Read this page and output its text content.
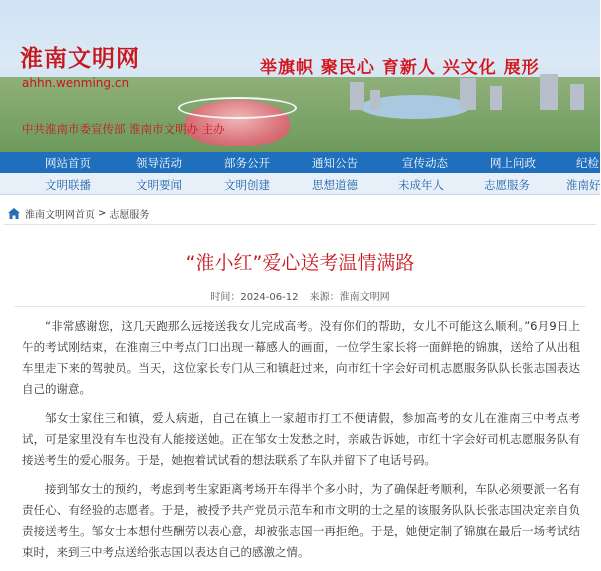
淮南文明网
ahhn.wenming.cn
中共淮南市委宣传部 淮南市文明办 主办
举旗帜 聚民心 育新人 兴文化 展形
网站首页	领导活动	部务公开	通知公告	宣传动态	网上问政	纪检
文明联播	文明要闻	文明创建	思想道德	未成年人	志愿服务	淮南好
淮南文明网首页 > 志愿服务
“淮小红”爱心送考温情满路
时间：2024-06-12 来源：淮南文明网

“非常感谢您，这几天跑那么远接送我女儿完成高考。没有你们的帮助，女儿不可能这么顺利。”6月9日上午的考试刚结束，在淮南三中考点门口出现一幕感人的画面，一位学生家长将一面鲜艳的锦旗，送给了从出租车里走下来的驾驶员。当天，这位家长专门从三和镇赶过来，向市红十字会好司机志愿服务队队长张志国表达自己的谢意。

邹女士家住三和镇，爱人病逝，自己在镇上一家超市打工不便请假，参加高考的女儿在淮南三中考点考试，可是家里没有车也没有人能接送她。正在邹女士发愁之时，亲戚告诉她，市红十字会好司机志愿服务队有接送考生的爱心服务。于是，她抱着试试看的想法联系了车队并留下了电话号码。

接到邹女士的预约，考虑到考生家距离考场开车得半个多小时，为了确保赶考顺利，车队必须要派一名有责任心、有经验的志愿者。于是，被授予共产党员示范车和市文明的士之星的该服务队队长张志国决定亲自负责接送考生。邹女士本想付些酬劳以表心意，却被张志国一再拒绝。于是，她便定制了锦旗在最后一场考试结束时，来到三中考点送给张志国以表达自己的感激之情。
